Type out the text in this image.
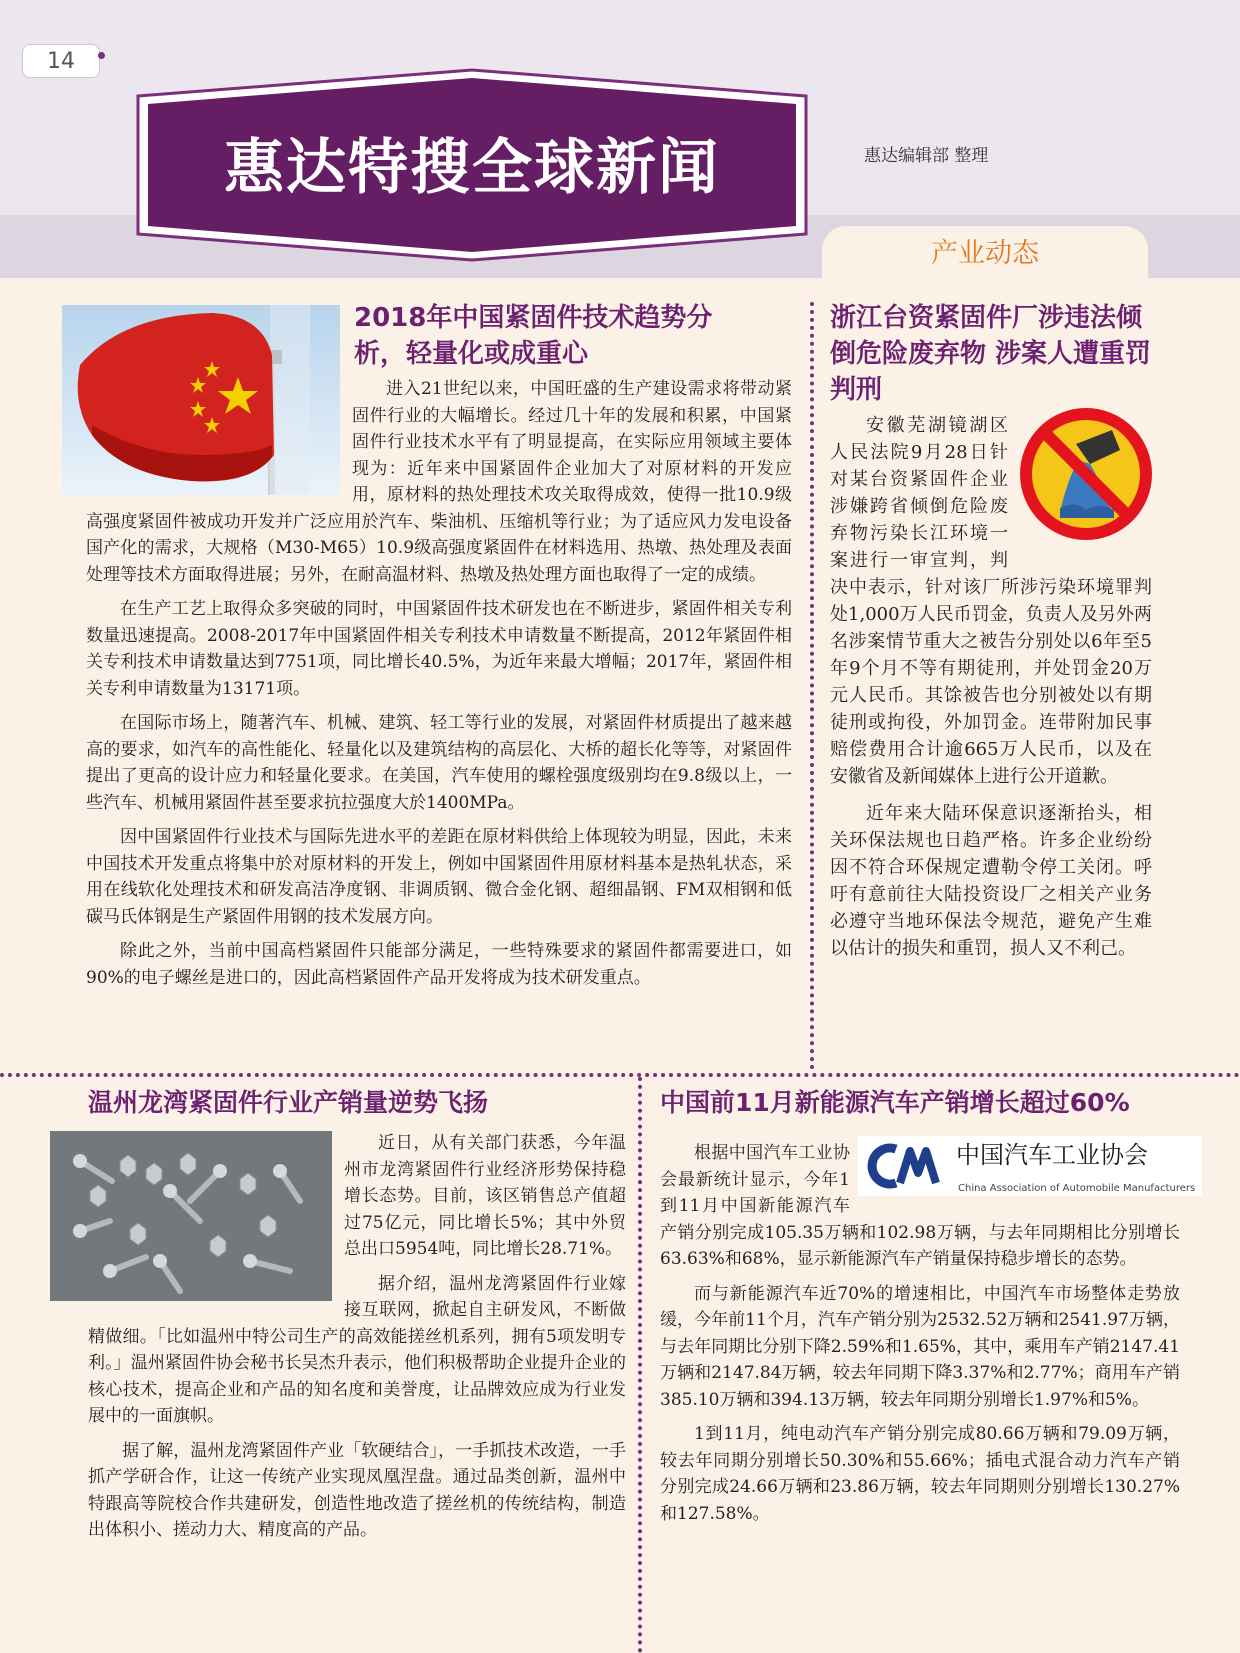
14
惠达特搜全球新闻	惠达编辑部 整理
产业动态
2018年中国紧固件技术趋势分析，轻量化或成重心

进入21世纪以来，中国旺盛的生产建设需求将带动紧固件行业的大幅增长。经过几十年的发展和积累，中国紧固件行业技术水平有了明显提高，在实际应用领域主要体现为：近年来中国紧固件企业加大了对原材料的开发应用，原材料的热处理技术攻关取得成效，使得一批10.9级高强度紧固件被成功开发并广泛应用於汽车、柴油机、压缩机等行业；为了适应风力发电设备国产化的需求，大规格（M30-M65）10.9级高强度紧固件在材料选用、热墩、热处理及表面处理等技术方面取得进展；另外，在耐高温材料、热墩及热处理方面也取得了一定的成绩。

在生产工艺上取得众多突破的同时，中国紧固件技术研发也在不断进步，紧固件相关专利数量迅速提高。2008-2017年中国紧固件相关专利技术申请数量不断提高，2012年紧固件相关专利技术申请数量达到7751项，同比增长40.5%，为近年来最大增幅；2017年，紧固件相关专利申请数量为13171项。

在国际市场上，随著汽车、机械、建筑、轻工等行业的发展，对紧固件材质提出了越来越高的要求，如汽车的高性能化、轻量化以及建筑结构的高层化、大桥的超长化等等，对紧固件提出了更高的设计应力和轻量化要求。在美国，汽车使用的螺栓强度级别均在9.8级以上，一些汽车、机械用紧固件甚至要求抗拉强度大於1400MPa。

因中国紧固件行业技术与国际先进水平的差距在原材料供给上体现较为明显，因此，未来中国技术开发重点将集中於对原材料的开发上，例如中国紧固件用原材料基本是热轧状态，采用在线软化处理技术和研发高洁净度钢、非调质钢、微合金化钢、超细晶钢、FM双相钢和低碳马氏体钢是生产紧固件用钢的技术发展方向。

除此之外，当前中国高档紧固件只能部分满足，一些特殊要求的紧固件都需要进口，如90%的电子螺丝是进口的，因此高档紧固件产品开发将成为技术研发重点。

浙江台资紧固件厂涉违法倾倒危险废弃物 涉案人遭重罚判刑

安徽芜湖镜湖区人民法院9月28日针对某台资紧固件企业涉嫌跨省倾倒危险废弃物污染长江环境一案进行一审宣判，判决中表示，针对该厂所涉污染环境罪判处1,000万人民币罚金，负责人及另外两名涉案情节重大之被告分别处以6年至5年9个月不等有期徒刑，并处罚金20万元人民币。其馀被告也分别被处以有期徒刑或拘役，外加罚金。连带附加民事赔偿费用合计逾665万人民币，以及在安徽省及新闻媒体上进行公开道歉。

近年来大陆环保意识逐渐抬头，相关环保法规也日趋严格。许多企业纷纷因不符合环保规定遭勒令停工关闭。呼吁有意前往大陆投资设厂之相关产业务必遵守当地环保法令规范，避免产生难以估计的损失和重罚，损人又不利己。

温州龙湾紧固件行业产销量逆势飞扬

近日，从有关部门获悉，今年温州市龙湾紧固件行业经济形势保持稳增长态势。目前，该区销售总产值超过75亿元，同比增长5%；其中外贸总出口5954吨，同比增长28.71%。

据介绍，温州龙湾紧固件行业嫁接互联网，掀起自主研发风，不断做精做细。「比如温州中特公司生产的高效能搓丝机系列，拥有5项发明专利。」温州紧固件协会秘书长吴杰升表示，他们积极帮助企业提升企业的核心技术，提高企业和产品的知名度和美誉度，让品牌效应成为行业发展中的一面旗帜。

据了解，温州龙湾紧固件产业「软硬结合」，一手抓技术改造，一手抓产学研合作，让这一传统产业实现凤凰涅盘。通过品类创新，温州中特跟高等院校合作共建研发，创造性地改造了搓丝机的传统结构，制造出体积小、搓动力大、精度高的产品。

中国前11月新能源汽车产销增长超过60%
中国汽车工业协会
China Association of Automobile Manufacturers

根据中国汽车工业协会最新统计显示，今年1到11月中国新能源汽车产销分别完成105.35万辆和102.98万辆，与去年同期相比分别增长63.63%和68%，显示新能源汽车产销量保持稳步增长的态势。

而与新能源汽车近70%的增速相比，中国汽车市场整体走势放缓，今年前11个月，汽车产销分别为2532.52万辆和2541.97万辆，与去年同期比分别下降2.59%和1.65%，其中，乘用车产销2147.41万辆和2147.84万辆，较去年同期下降3.37%和2.77%；商用车产销385.10万辆和394.13万辆，较去年同期分别增长1.97%和5%。

1到11月，纯电动汽车产销分别完成80.66万辆和79.09万辆，较去年同期分别增长50.30%和55.66%；插电式混合动力汽车产销分别完成24.66万辆和23.86万辆，较去年同期则分别增长130.27%和127.58%。
